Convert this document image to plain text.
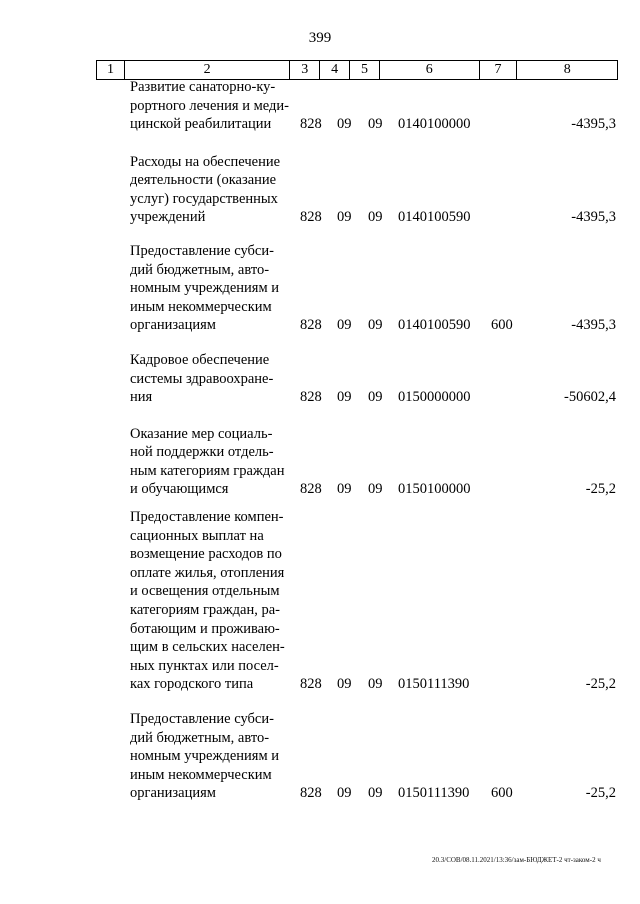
399
1	2	3	4	5	6	7	8
Развитие санаторно-ку-
рортного лечения и меди-
цинской реабилитации	828 09 09 0140100000	-4395,3
Расходы на обеспечение
деятельности (оказание
услуг) государственных
учреждений	828 09 09 0140100590	-4395,3
Предоставление субси-
дий бюджетным, авто-
номным учреждениям и
иным некоммерческим
организациям	828 09 09 0140100590 600	-4395,3
Кадровое обеспечение
системы здравоохране-
ния	828 09 09 0150000000	-50602,4
Оказание мер социаль-
ной поддержки отдель-
ным категориям граждан
и обучающимся	828 09 09 0150100000	-25,2
Предоставление компен-
сационных выплат на
возмещение расходов по
оплате жилья, отопления
и освещения отдельным
категориям граждан, ра-
ботающим и проживаю-
щим в сельских населен-
ных пунктах или посел-
ках городского типа	828 09 09 0150111390	-25,2
Предоставление субси-
дий бюджетным, авто-
номным учреждениям и
иным некоммерческим
организациям	828 09 09 0150111390 600	-25,2
20.3/СОВ/08.11.2021/13:36/зам-БЮДЖЕТ-2 чт-заком-2 ч
